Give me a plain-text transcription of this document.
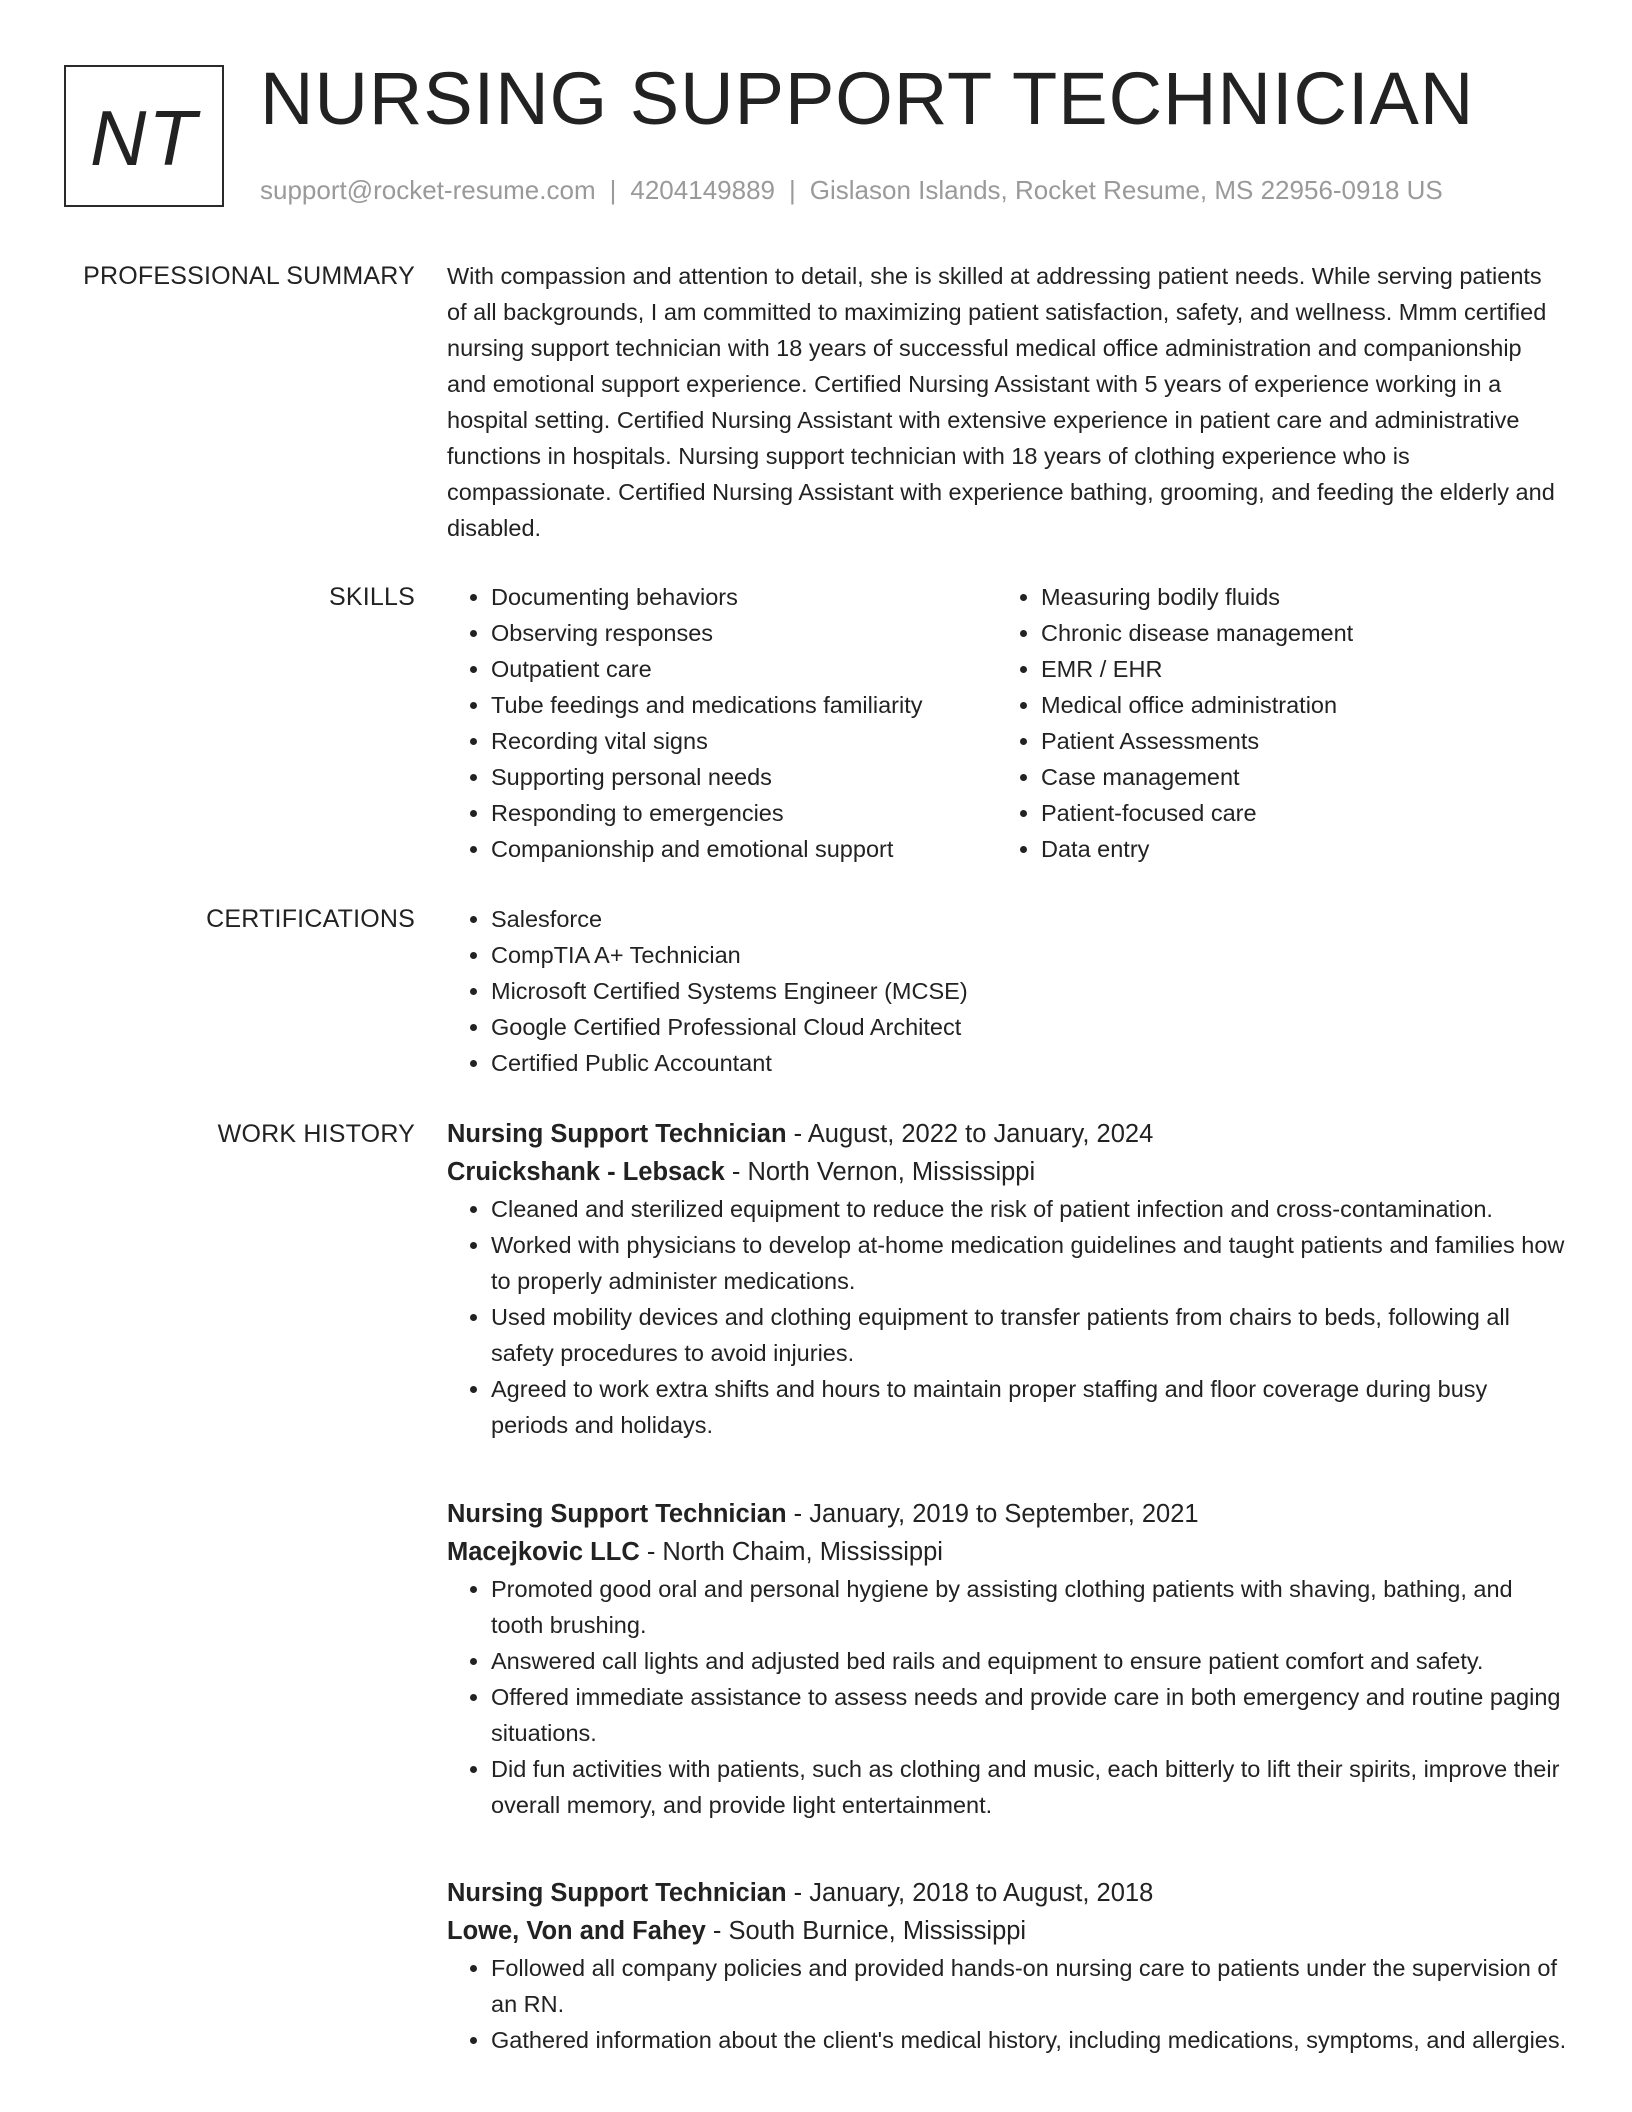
NT NURSING SUPPORT TECHNICIAN
support@rocket-resume.com | 4204149889 | Gislason Islands, Rocket Resume, MS 22956-0918 US
PROFESSIONAL SUMMARY With compassion and attention to detail, she is skilled at addressing patient needs. While serving patients of all backgrounds, I am committed to maximizing patient satisfaction, safety, and wellness. Mmm certified nursing support technician with 18 years of successful medical office administration and companionship and emotional support experience. Certified Nursing Assistant with 5 years of experience working in a hospital setting. Certified Nursing Assistant with extensive experience in patient care and administrative functions in hospitals. Nursing support technician with 18 years of clothing experience who is compassionate. Certified Nursing Assistant with experience bathing, grooming, and feeding the elderly and disabled.

SKILLS	• Documenting behaviors
• Observing responses
• Outpatient care
• Tube feedings and medications familiarity
• Recording vital signs
• Supporting personal needs
• Responding to emergencies
• Companionship and emotional support
• Measuring bodily fluids
• Chronic disease management
• EMR / EHR
• Medical office administration
• Patient Assessments
• Case management
• Patient-focused care
• Data entry
CERTIFICATIONS	• Salesforce
• CompTIA A+ Technician
• Microsoft Certified Systems Engineer (MCSE)
• Google Certified Professional Cloud Architect
• Certified Public Accountant
WORK HISTORY Nursing Support Technician - August, 2022 to January, 2024
Cruickshank - Lebsack - North Vernon, Mississippi
• Cleaned and sterilized equipment to reduce the risk of patient infection and cross-contamination.
• Worked with physicians to develop at-home medication guidelines and taught patients and families how to properly administer medications.
• Used mobility devices and clothing equipment to transfer patients from chairs to beds, following all safety procedures to avoid injuries.
• Agreed to work extra shifts and hours to maintain proper staffing and floor coverage during busy periods and holidays.
Nursing Support Technician - January, 2019 to September, 2021
Macejkovic LLC - North Chaim, Mississippi
• Promoted good oral and personal hygiene by assisting clothing patients with shaving, bathing, and tooth brushing.
• Answered call lights and adjusted bed rails and equipment to ensure patient comfort and safety.
• Offered immediate assistance to assess needs and provide care in both emergency and routine paging situations.
• Did fun activities with patients, such as clothing and music, each bitterly to lift their spirits, improve their overall memory, and provide light entertainment.
Nursing Support Technician - January, 2018 to August, 2018
Lowe, Von and Fahey - South Burnice, Mississippi
• Followed all company policies and provided hands-on nursing care to patients under the supervision of an RN.
• Gathered information about the client's medical history, including medications, symptoms, and allergies.
